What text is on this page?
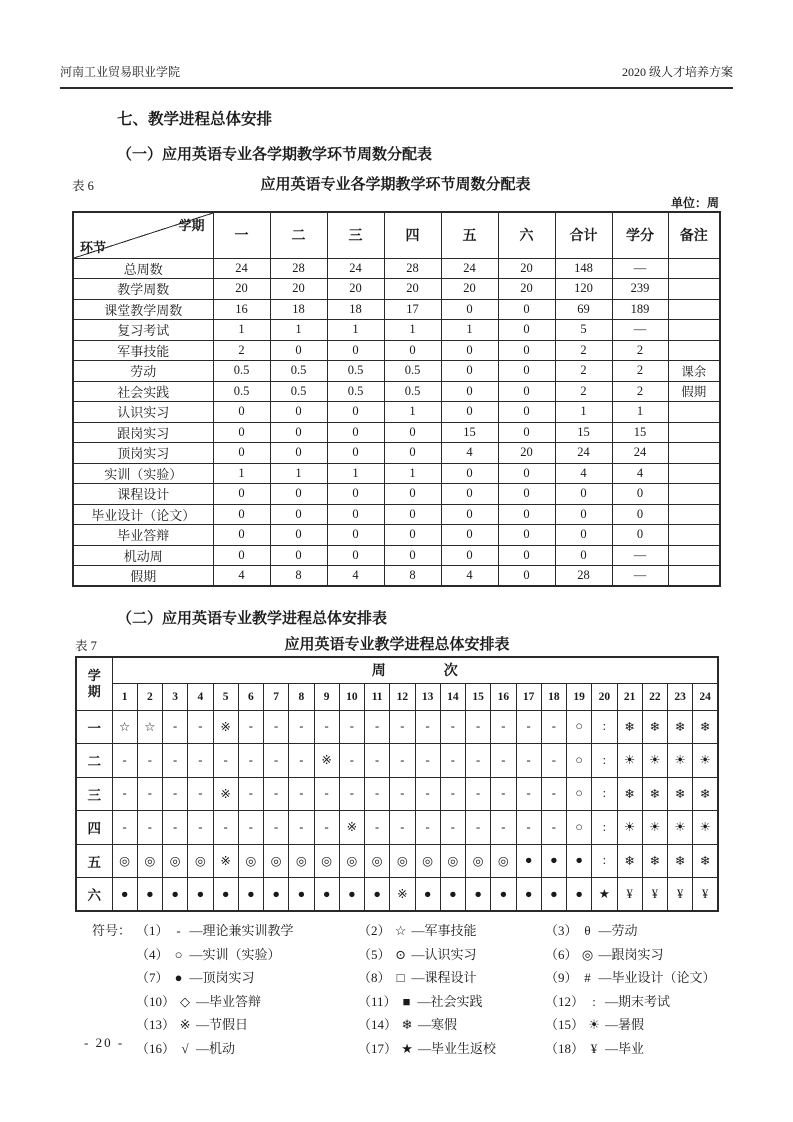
河南工业贸易职业学院	2020 级人才培养方案
七、教学进程总体安排
（一）应用英语专业各学期教学环节周数分配表
表 6	应用英语专业各学期教学环节周数分配表
单位：周
学期
环节	一	二	三	四	五	六	合计	学分	备注
总周数	24	28	24	28	24	20	148	—	
教学周数	20	20	20	20	20	20	120	239	
课堂教学周数	16	18	18	17	0	0	69	189	
复习考试	1	1	1	1	1	0	5	—	
军事技能	2	0	0	0	0	0	2	2	
劳动	0.5	0.5	0.5	0.5	0	0	2	2	课余
社会实践	0.5	0.5	0.5	0.5	0	0	2	2	假期
认识实习	0	0	0	1	0	0	1	1	
跟岗实习	0	0	0	0	15	0	15	15	
顶岗实习	0	0	0	0	4	20	24	24	
实训（实验）	1	1	1	1	0	0	4	4	
课程设计	0	0	0	0	0	0	0	0	
毕业设计（论文）	0	0	0	0	0	0	0	0	
毕业答辩	0	0	0	0	0	0	0	0	
机动周	0	0	0	0	0	0	0	—	
假期	4	8	4	8	4	0	28	—	
（二）应用英语专业教学进程总体安排表
表 7	应用英语专业教学进程总体安排表
学
期	周 次																							

	1	2	3	4	5	6	7	8	9	10	11	12	13	14	15	16	17	18	19	20	21	22	23	24
一	☆	☆	-	-	※	-	-	-	-	-	-	-	-	-	-	-	-	-	○	:	❄	❄	❄	❄
二	-	-	-	-	-	-	-	-	※	-	-	-	-	-	-	-	-	-	○	:	☀	☀	☀	☀
三	-	-	-	-	※	-	-	-	-	-	-	-	-	-	-	-	-	-	○	:	❄	❄	❄	❄
四	-	-	-	-	-	-	-	-	-	※	-	-	-	-	-	-	-	-	○	:	☀	☀	☀	☀
五	◎	◎	◎	◎	※	◎	◎	◎	◎	◎	◎	◎	◎	◎	◎	◎	●	●	●	:	❄	❄	❄	❄
六	●	●	●	●	●	●	●	●	●	●	●	※	●	●	●	●	●	●	●	★	¥	¥	¥	¥
符号： （1） - —理论兼实训教学	（2） ☆ —军事技能	（3） θ —劳动
（4） ○ —实训（实验）	（5） ⊙ —认识实习	（6） ◎ —跟岗实习
（7） ● —顶岗实习	（8） □ —课程设计	（9） # —毕业设计（论文）
（10） ◇ —毕业答辩	（11） ■ —社会实践	（12） : —期末考试
（13） ※ —节假日	（14） ❄ —寒假	（15） ☀ —暑假
（16） √ —机动	（17） ★ —毕业生返校	（18） ¥ —毕业
- 20 -
